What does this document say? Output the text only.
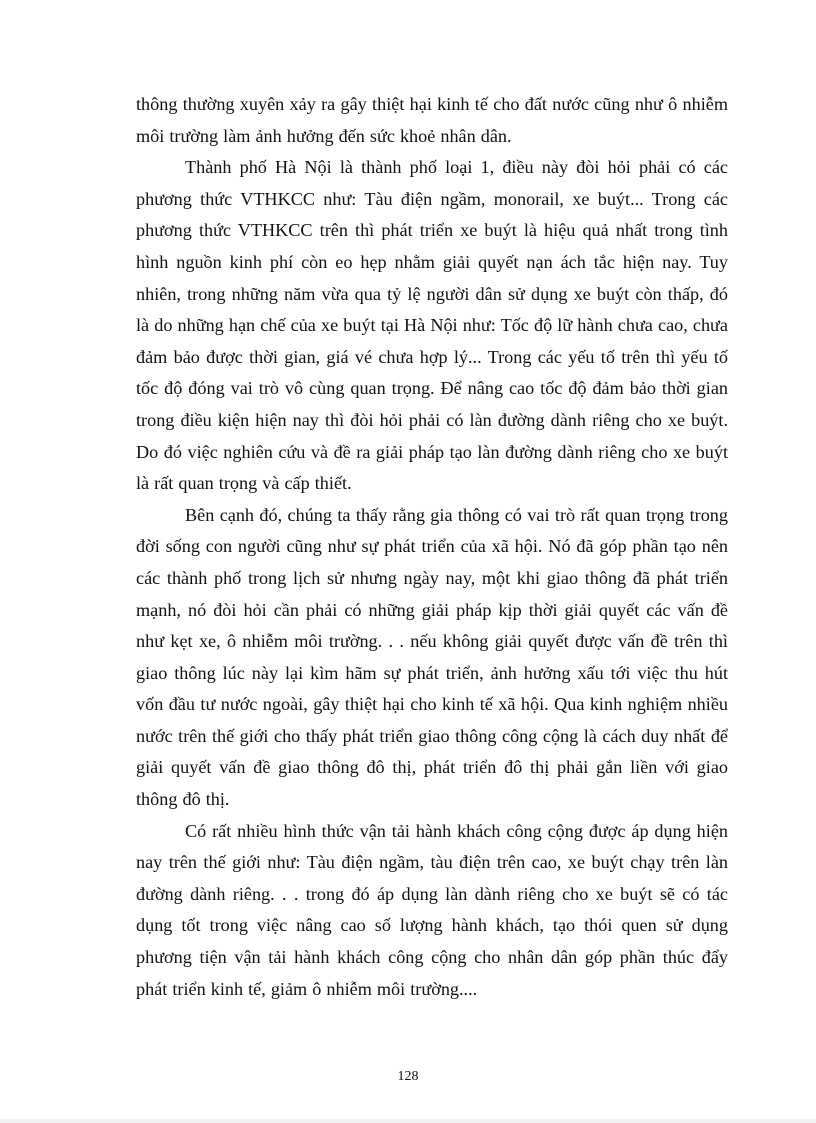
thông thường xuyên xảy ra gây thiệt hại kinh tế cho đất nước cũng như ô nhiễm môi trường làm ảnh hưởng đến sức khoẻ nhân dân.

Thành phố Hà Nội là thành phố loại 1, điều này đòi hỏi phải có các phương thức VTHKCC như: Tàu điện ngầm, monorail, xe buýt... Trong các phương thức VTHKCC trên thì phát triển xe buýt là hiệu quả nhất trong tình hình nguồn kinh phí còn eo hẹp nhằm giải quyết nạn ách tắc hiện nay. Tuy nhiên, trong những năm vừa qua tỷ lệ người dân sử dụng xe buýt còn thấp, đó là do những hạn chế của xe buýt tại Hà Nội như: Tốc độ lữ hành chưa cao, chưa đảm bảo được thời gian, giá vé chưa hợp lý... Trong các yếu tố trên thì yếu tố tốc độ đóng vai trò vô cùng quan trọng. Để nâng cao tốc độ đảm bảo thời gian trong điều kiện hiện nay thì đòi hỏi phải có làn đường dành riêng cho xe buýt. Do đó việc nghiên cứu và đề ra giải pháp tạo làn đường dành riêng cho xe buýt là rất quan trọng và cấp thiết.

Bên cạnh đó, chúng ta thấy rằng gia thông có vai trò rất quan trọng trong đời sống con người cũng như sự phát triển của xã hội. Nó đã góp phần tạo nên các thành phố trong lịch sử nhưng ngày nay, một khi giao thông đã phát triển mạnh, nó đòi hỏi cần phải có những giải pháp kịp thời giải quyết các vấn đề như kẹt xe, ô nhiễm môi trường. . . nếu không giải quyết được vấn đề trên thì giao thông lúc này lại kìm hãm sự phát triển, ảnh hưởng xấu tới việc thu hút vốn đầu tư nước ngoài, gây thiệt hại cho kinh tế xã hội. Qua kinh nghiệm nhiều nước trên thế giới cho thấy phát triển giao thông công cộng là cách duy nhất để giải quyết vấn đề giao thông đô thị, phát triển đô thị phải gắn liền với giao thông đô thị.

Có rất nhiều hình thức vận tải hành khách công cộng được áp dụng hiện nay trên thế giới như: Tàu điện ngầm, tàu điện trên cao, xe buýt chạy trên làn đường dành riêng. . . trong đó áp dụng làn dành riêng cho xe buýt sẽ có tác dụng tốt trong việc nâng cao số lượng hành khách, tạo thói quen sử dụng phương tiện vận tải hành khách công cộng cho nhân dân góp phần thúc đẩy phát triển kinh tế, giảm ô nhiễm môi trường....

128
